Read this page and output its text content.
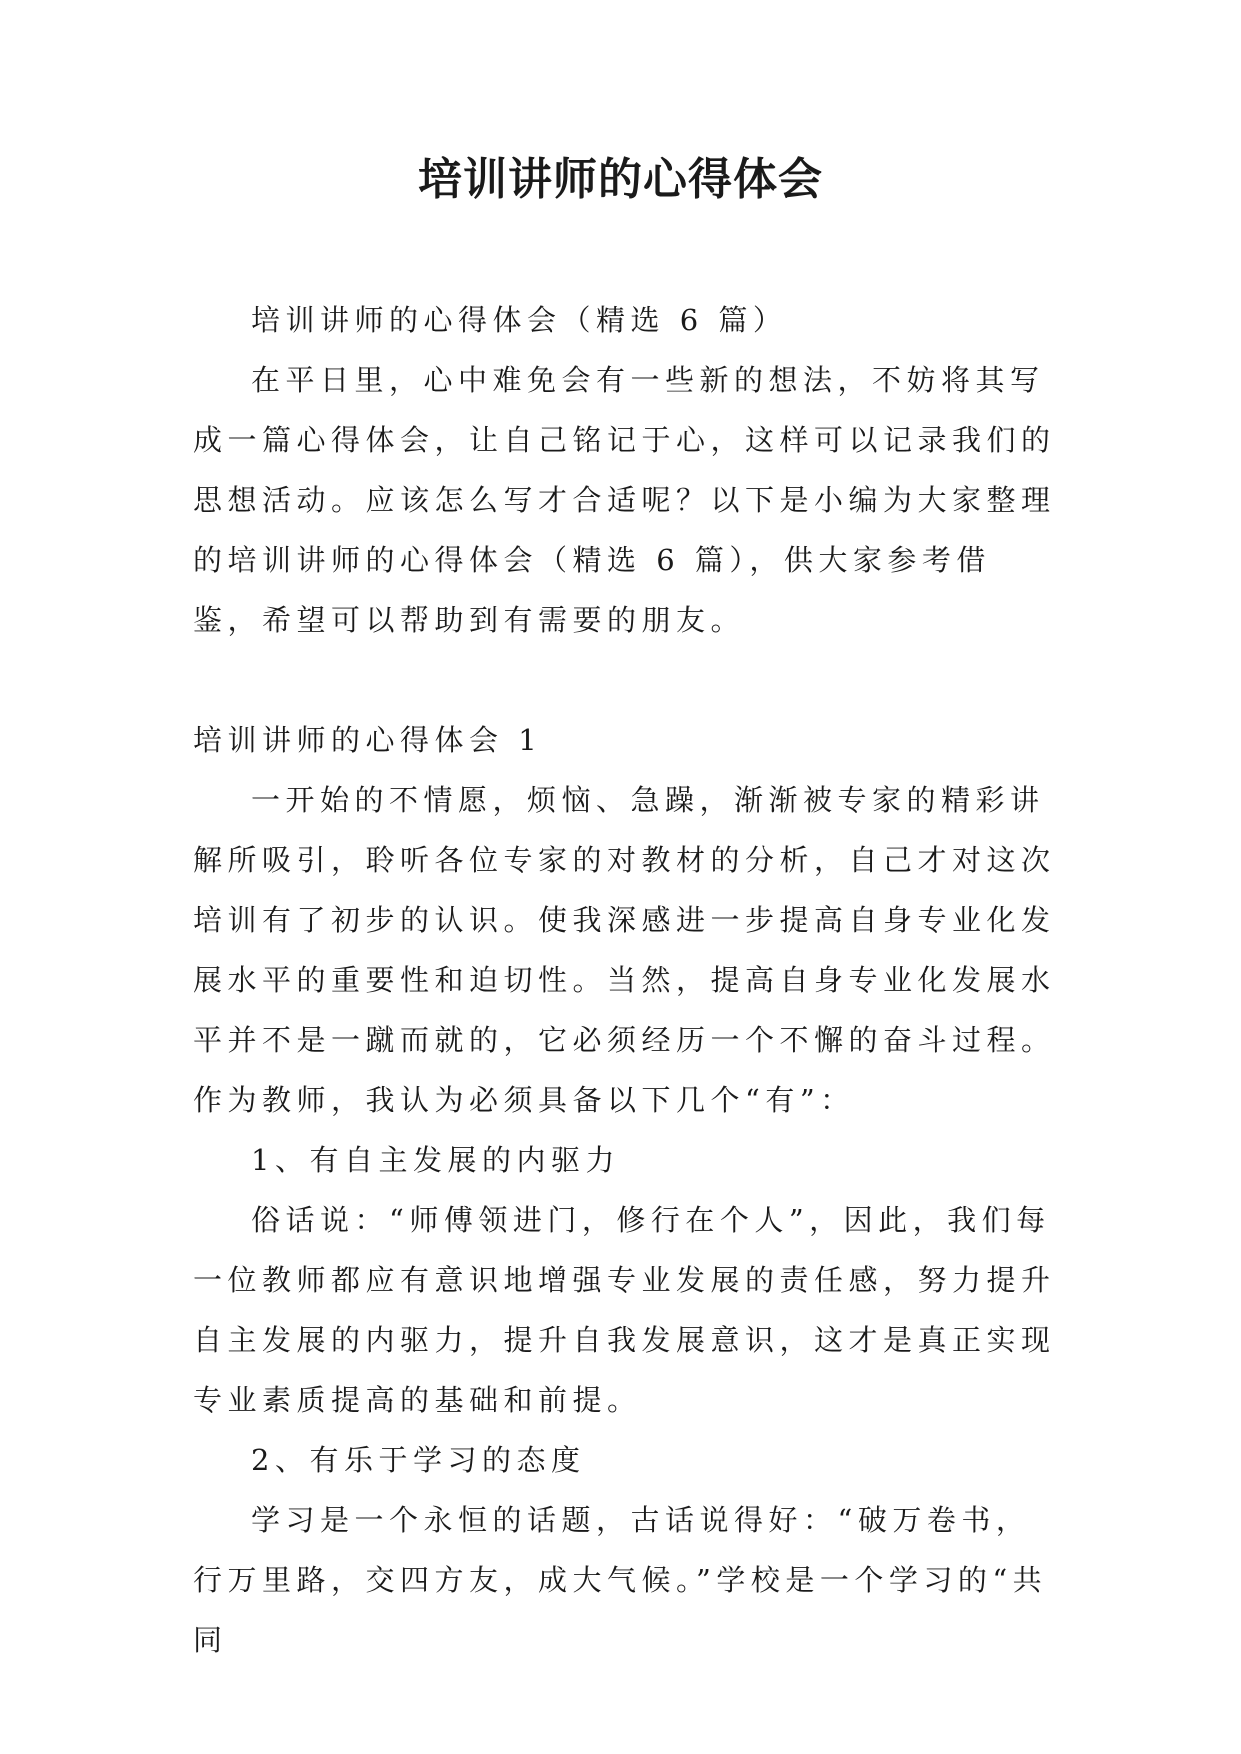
培训讲师的心得体会

培训讲师的心得体会（精选 6 篇）

在平日里，心中难免会有一些新的想法，不妨将其写成一篇心得体会，让自己铭记于心，这样可以记录我们的思想活动。应该怎么写才合适呢？以下是小编为大家整理的培训讲师的心得体会（精选 6 篇），供大家参考借鉴，希望可以帮助到有需要的朋友。

培训讲师的心得体会 1

一开始的不情愿，烦恼、急躁，渐渐被专家的精彩讲解所吸引，聆听各位专家的对教材的分析，自己才对这次培训有了初步的认识。使我深感进一步提高自身专业化发展水平的重要性和迫切性。当然，提高自身专业化发展水平并不是一蹴而就的，它必须经历一个不懈的奋斗过程。作为教师，我认为必须具备以下几个“有”：

1、有自主发展的内驱力

俗话说：“师傅领进门，修行在个人”，因此，我们每一位教师都应有意识地增强专业发展的责任感，努力提升自主发展的内驱力，提升自我发展意识，这才是真正实现专业素质提高的基础和前提。

2、有乐于学习的态度

学习是一个永恒的话题，古话说得好：“破万卷书，行万里路，交四方友，成大气候。”学校是一个学习的“共同
